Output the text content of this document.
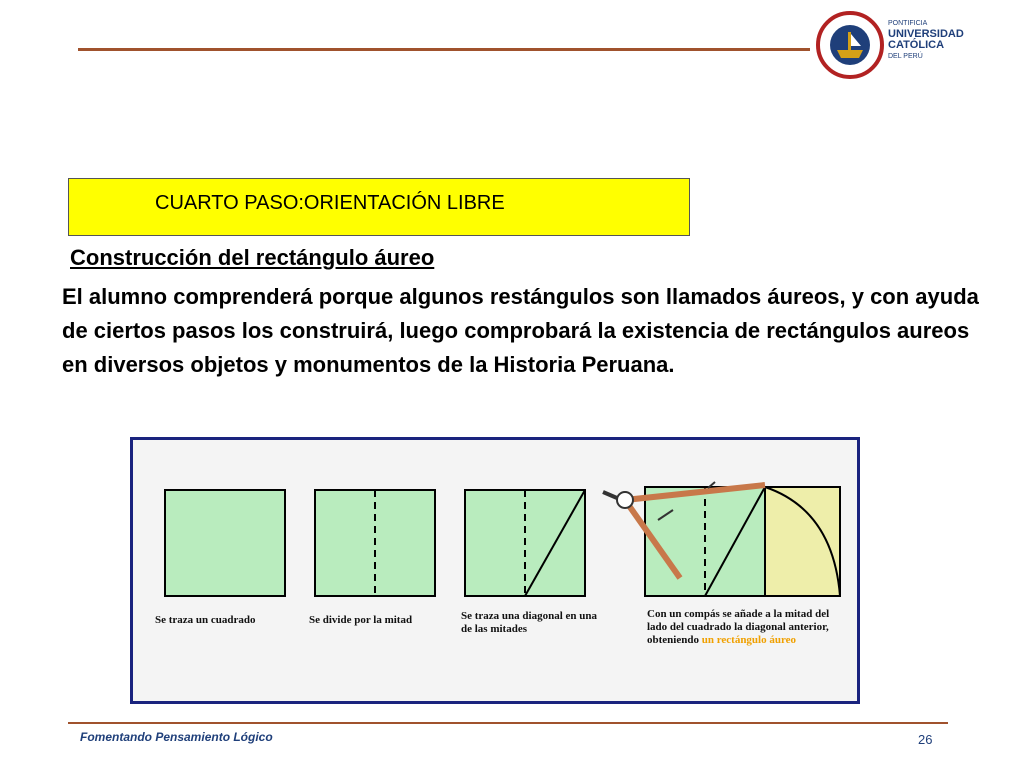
PONTIFICIA
UNIVERSIDAD
CATÓLICA
DEL PERÚ
CUARTO PASO:ORIENTACIÓN LIBRE
Construcción del rectángulo áureo
El alumno comprenderá porque algunos restángulos son llamados áureos, y con ayuda de ciertos pasos los construirá, luego comprobará la existencia de rectángulos aureos en diversos objetos y monumentos de la Historia Peruana.
Se traza un cuadrado	Se divide por la mitad	Se traza una diagonal en una de las mitades
Con un compás se añade a la mitad del lado del cuadrado la diagonal anterior, obteniendo un rectángulo áureo
Fomentando Pensamiento Lógico	26
